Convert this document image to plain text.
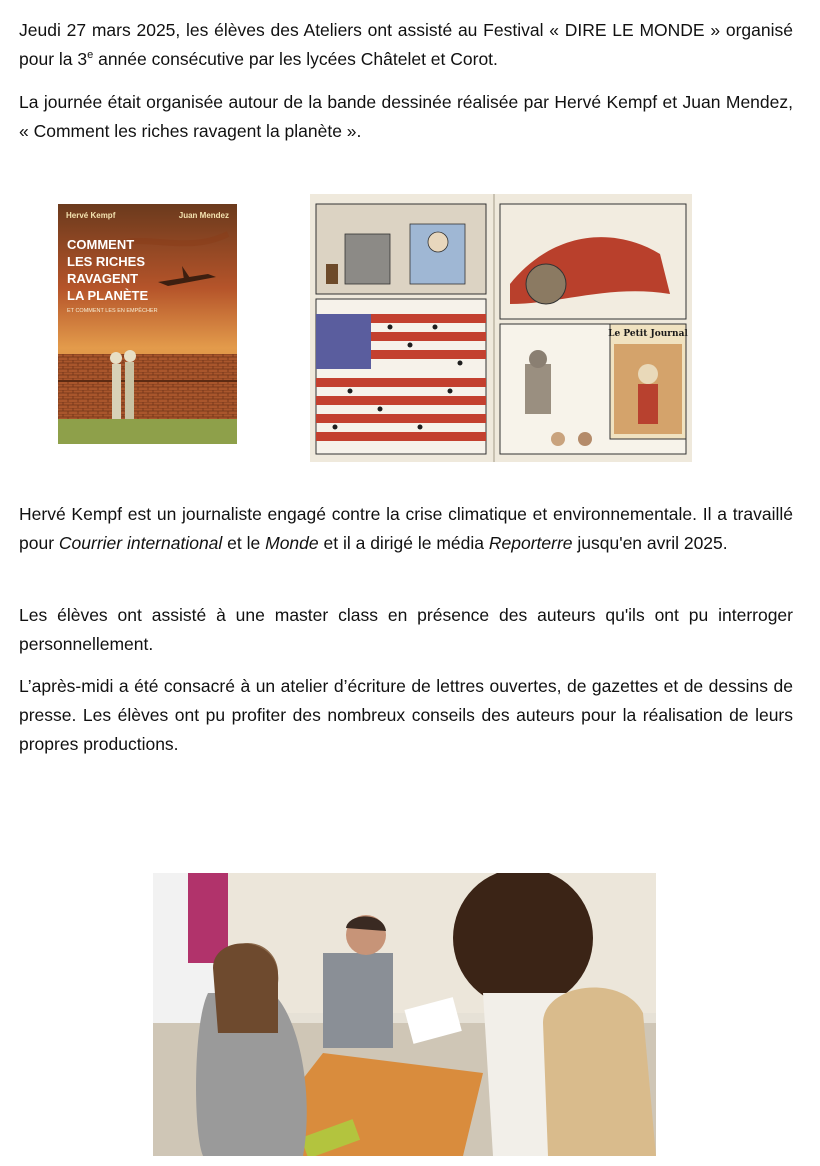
Jeudi 27 mars 2025, les élèves des Ateliers ont assisté au Festival « DIRE LE MONDE » organisé pour la 3e année consécutive par les lycées Châtelet et Corot.

La journée était organisée autour de la bande dessinée réalisée par Hervé Kempf et Juan Mendez, « Comment les riches ravagent la planète ».

Hervé Kempf	Juan Mendez
COMMENT
LES RICHES
RAVAGENT
LA PLANÈTE
ET COMMENT LES EN EMPÊCHER
Le Petit Journal

Hervé Kempf est un journaliste engagé contre la crise climatique et environnementale. Il a travaillé pour Courrier international et le Monde et il a dirigé le média Reporterre jusqu'en avril 2025.

Les élèves ont assisté à une master class en présence des auteurs qu'ils ont pu interroger personnellement.

L’après-midi a été consacré à un atelier d’écriture de lettres ouvertes, de gazettes et de dessins de presse. Les élèves ont pu profiter des nombreux conseils des auteurs pour la réalisation de leurs propres productions.
